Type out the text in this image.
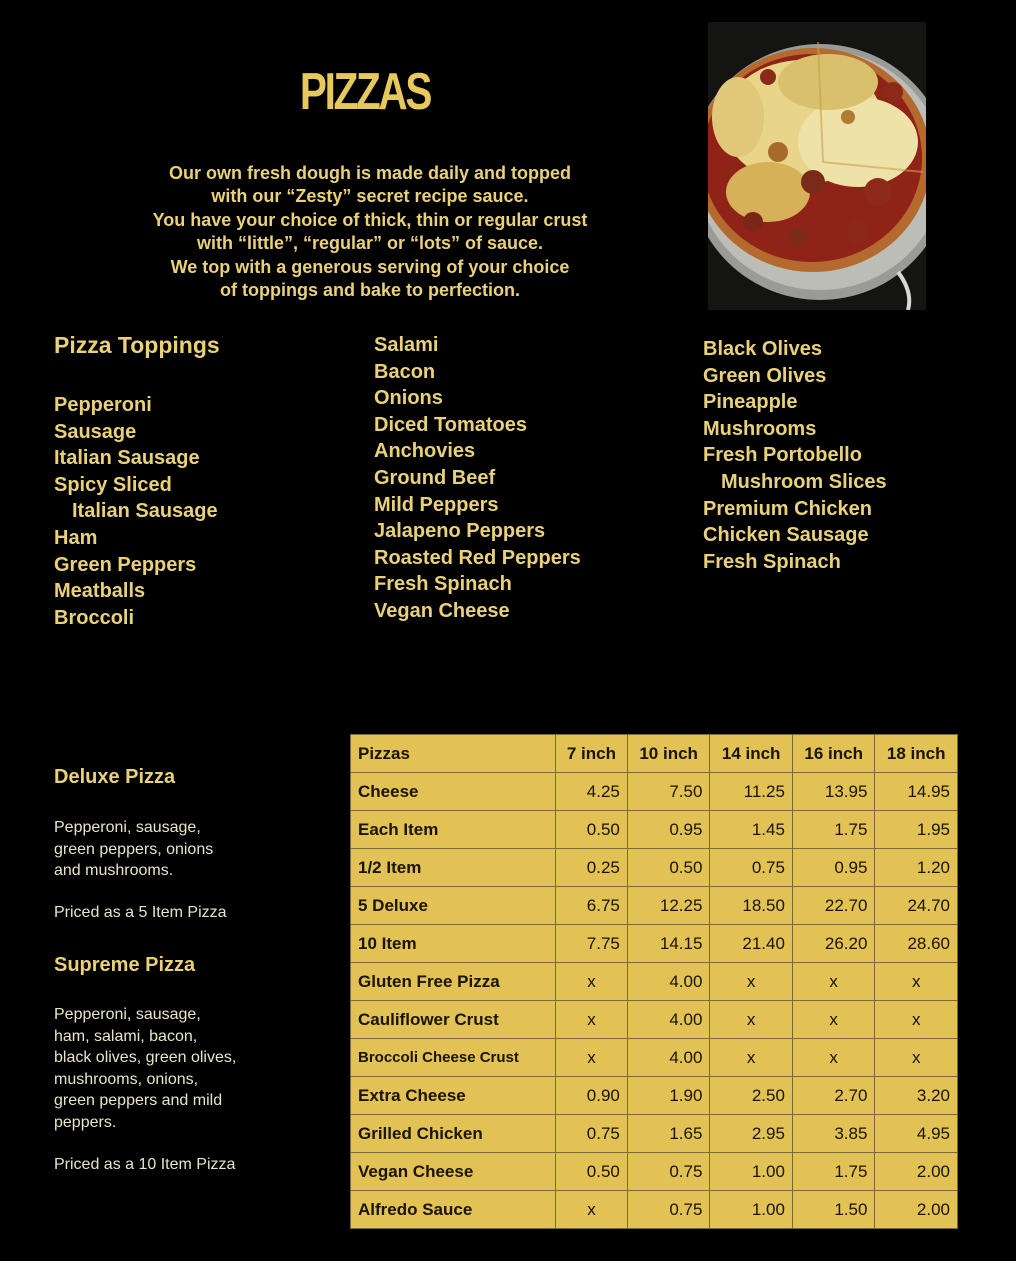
PIZZAS
Our own fresh dough is made daily and topped
with our “Zesty” secret recipe sauce.
You have your choice of thick, thin or regular crust
with “little”, “regular” or “lots” of sauce.
We top with a generous serving of your choice
of toppings and bake to perfection.
Pizza Toppings
Pepperoni
Sausage
Italian Sausage
Spicy Sliced
Italian Sausage
Ham
Green Peppers
Meatballs
Broccoli
Salami
Bacon
Onions
Diced Tomatoes
Anchovies
Ground Beef
Mild Peppers
Jalapeno Peppers
Roasted Red Peppers
Fresh Spinach
Vegan Cheese
Black Olives
Green Olives
Pineapple
Mushrooms
Fresh Portobello
Mushroom Slices
Premium Chicken
Chicken Sausage
Fresh Spinach
Deluxe Pizza
Pepperoni, sausage,
green peppers, onions
and mushrooms.
Priced as a 5 Item Pizza
Supreme Pizza
Pepperoni, sausage,
ham, salami, bacon,
black olives, green olives,
mushrooms, onions,
green peppers and mild
peppers.
Priced as a 10 Item Pizza
Pizzas	7 inch	10 inch	14 inch	16 inch	18 inch
Cheese	4.25	7.50	11.25	13.95	14.95
Each Item	0.50	0.95	1.45	1.75	1.95
1/2 Item	0.25	0.50	0.75	0.95	1.20
5 Deluxe	6.75	12.25	18.50	22.70	24.70
10 Item	7.75	14.15	21.40	26.20	28.60
Gluten Free Pizza	x	4.00	x	x	x
Cauliflower Crust	x	4.00	x	x	x
Broccoli Cheese Crust	x	4.00	x	x	x
Extra Cheese	0.90	1.90	2.50	2.70	3.20
Grilled Chicken	0.75	1.65	2.95	3.85	4.95
Vegan Cheese	0.50	0.75	1.00	1.75	2.00
Alfredo Sauce	x	0.75	1.00	1.50	2.00
